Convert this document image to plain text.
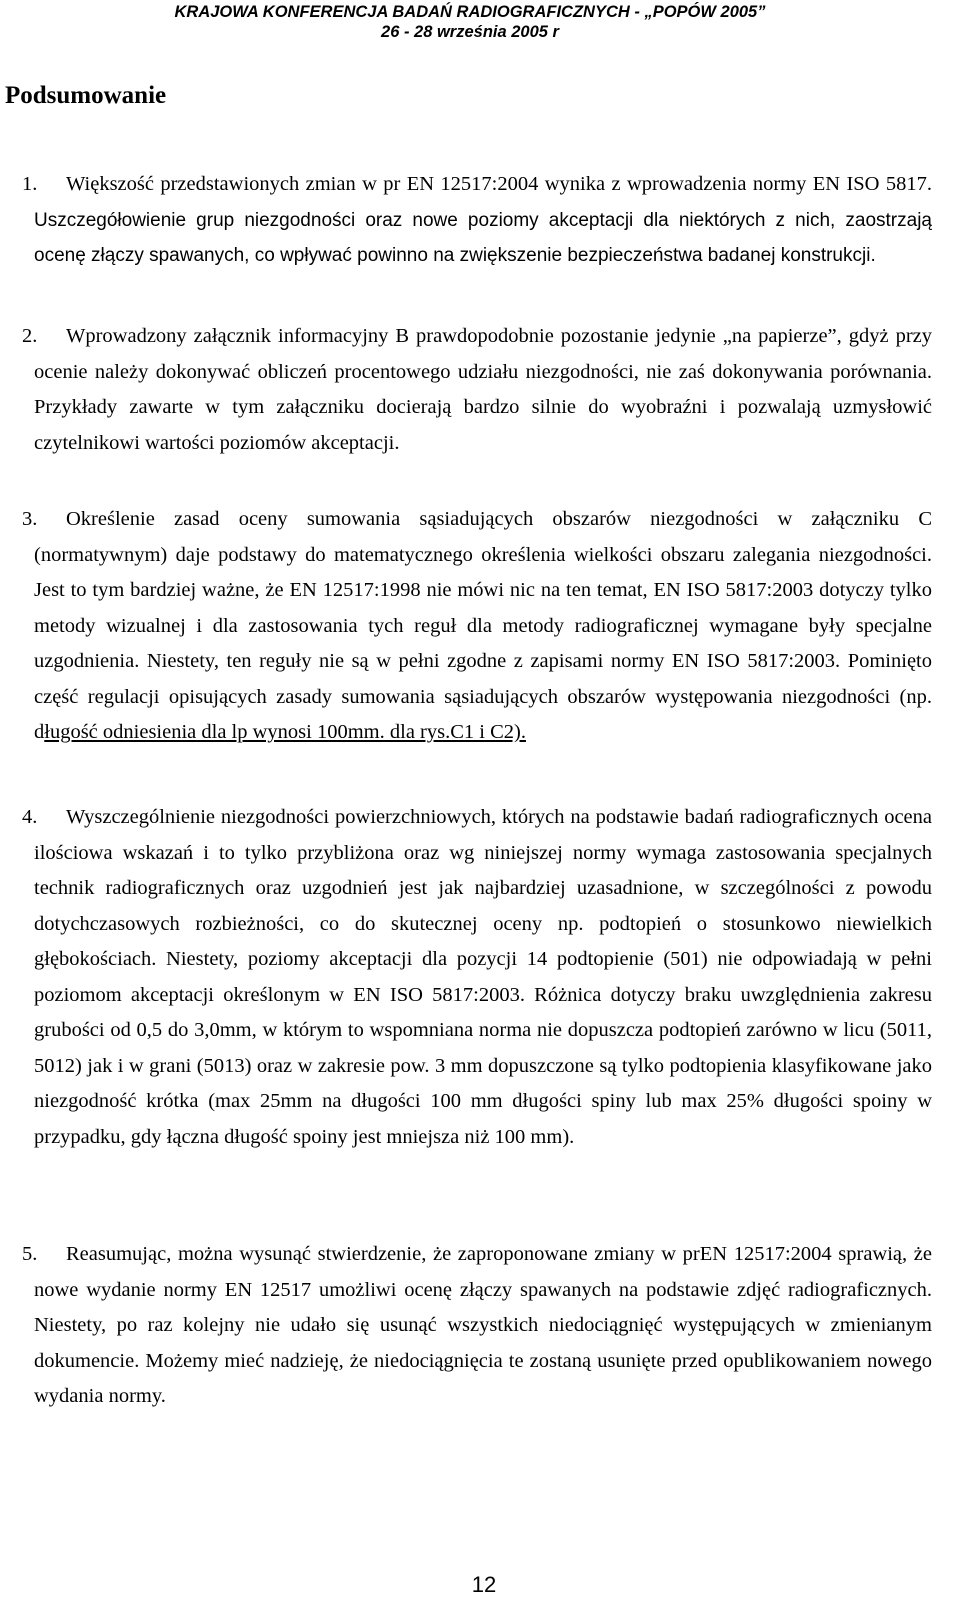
KRAJOWA KONFERENCJA BADAŃ RADIOGRAFICZNYCH - „POPÓW 2005”
26 - 28 września 2005 r
Podsumowanie
1. Większość przedstawionych zmian w pr EN 12517:2004 wynika z wprowadzenia normy EN ISO 5817. Uszczegółowienie grup niezgodności oraz nowe poziomy akceptacji dla niektórych z nich, zaostrzają ocenę złączy spawanych, co wpływać powinno na zwiększenie bezpieczeństwa badanej konstrukcji.
2. Wprowadzony załącznik informacyjny B prawdopodobnie pozostanie jedynie „na papierze”, gdyż przy ocenie należy dokonywać obliczeń procentowego udziału niezgodności, nie zaś dokonywania porównania. Przykłady zawarte w tym załączniku docierają bardzo silnie do wyobraźni i pozwalają uzmysłowić czytelnikowi wartości poziomów akceptacji.
3. Określenie zasad oceny sumowania sąsiadujących obszarów niezgodności w załączniku C (normatywnym) daje podstawy do matematycznego określenia wielkości obszaru zalegania niezgodności. Jest to tym bardziej ważne, że EN 12517:1998 nie mówi nic na ten temat, EN ISO 5817:2003 dotyczy tylko metody wizualnej i dla zastosowania tych reguł dla metody radiograficznej wymagane były specjalne uzgodnienia. Niestety, ten reguły nie są w pełni zgodne z zapisami normy EN ISO 5817:2003. Pominięto część regulacji opisujących zasady sumowania sąsiadujących obszarów występowania niezgodności (np. długość odniesienia dla lp wynosi 100mm. dla rys.C1 i C2).
4. Wyszczególnienie niezgodności powierzchniowych, których na podstawie badań radiograficznych ocena ilościowa wskazań i to tylko przybliżona oraz wg niniejszej normy wymaga zastosowania specjalnych technik radiograficznych oraz uzgodnień jest jak najbardziej uzasadnione, w szczególności z powodu dotychczasowych rozbieżności, co do skutecznej oceny np. podtopień o stosunkowo niewielkich głębokościach. Niestety, poziomy akceptacji dla pozycji 14 podtopienie (501) nie odpowiadają w pełni poziomom akceptacji określonym w EN ISO 5817:2003. Różnica dotyczy braku uwzględnienia zakresu grubości od 0,5 do 3,0mm, w którym to wspomniana norma nie dopuszcza podtopień zarówno w licu (5011, 5012) jak i w grani (5013) oraz w zakresie pow. 3 mm dopuszczone są tylko podtopienia klasyfikowane jako niezgodność krótka (max 25mm na długości 100 mm długości spiny lub max 25% długości spoiny w przypadku, gdy łączna długość spoiny jest mniejsza niż 100 mm).
5. Reasumując, można wysunąć stwierdzenie, że zaproponowane zmiany w prEN 12517:2004 sprawią, że nowe wydanie normy EN 12517 umożliwi ocenę złączy spawanych na podstawie zdjęć radiograficznych. Niestety, po raz kolejny nie udało się usunąć wszystkich niedociągnięć występujących w zmienianym dokumencie. Możemy mieć nadzieję, że niedociągnięcia te zostaną usunięte przed opublikowaniem nowego wydania normy.
12
